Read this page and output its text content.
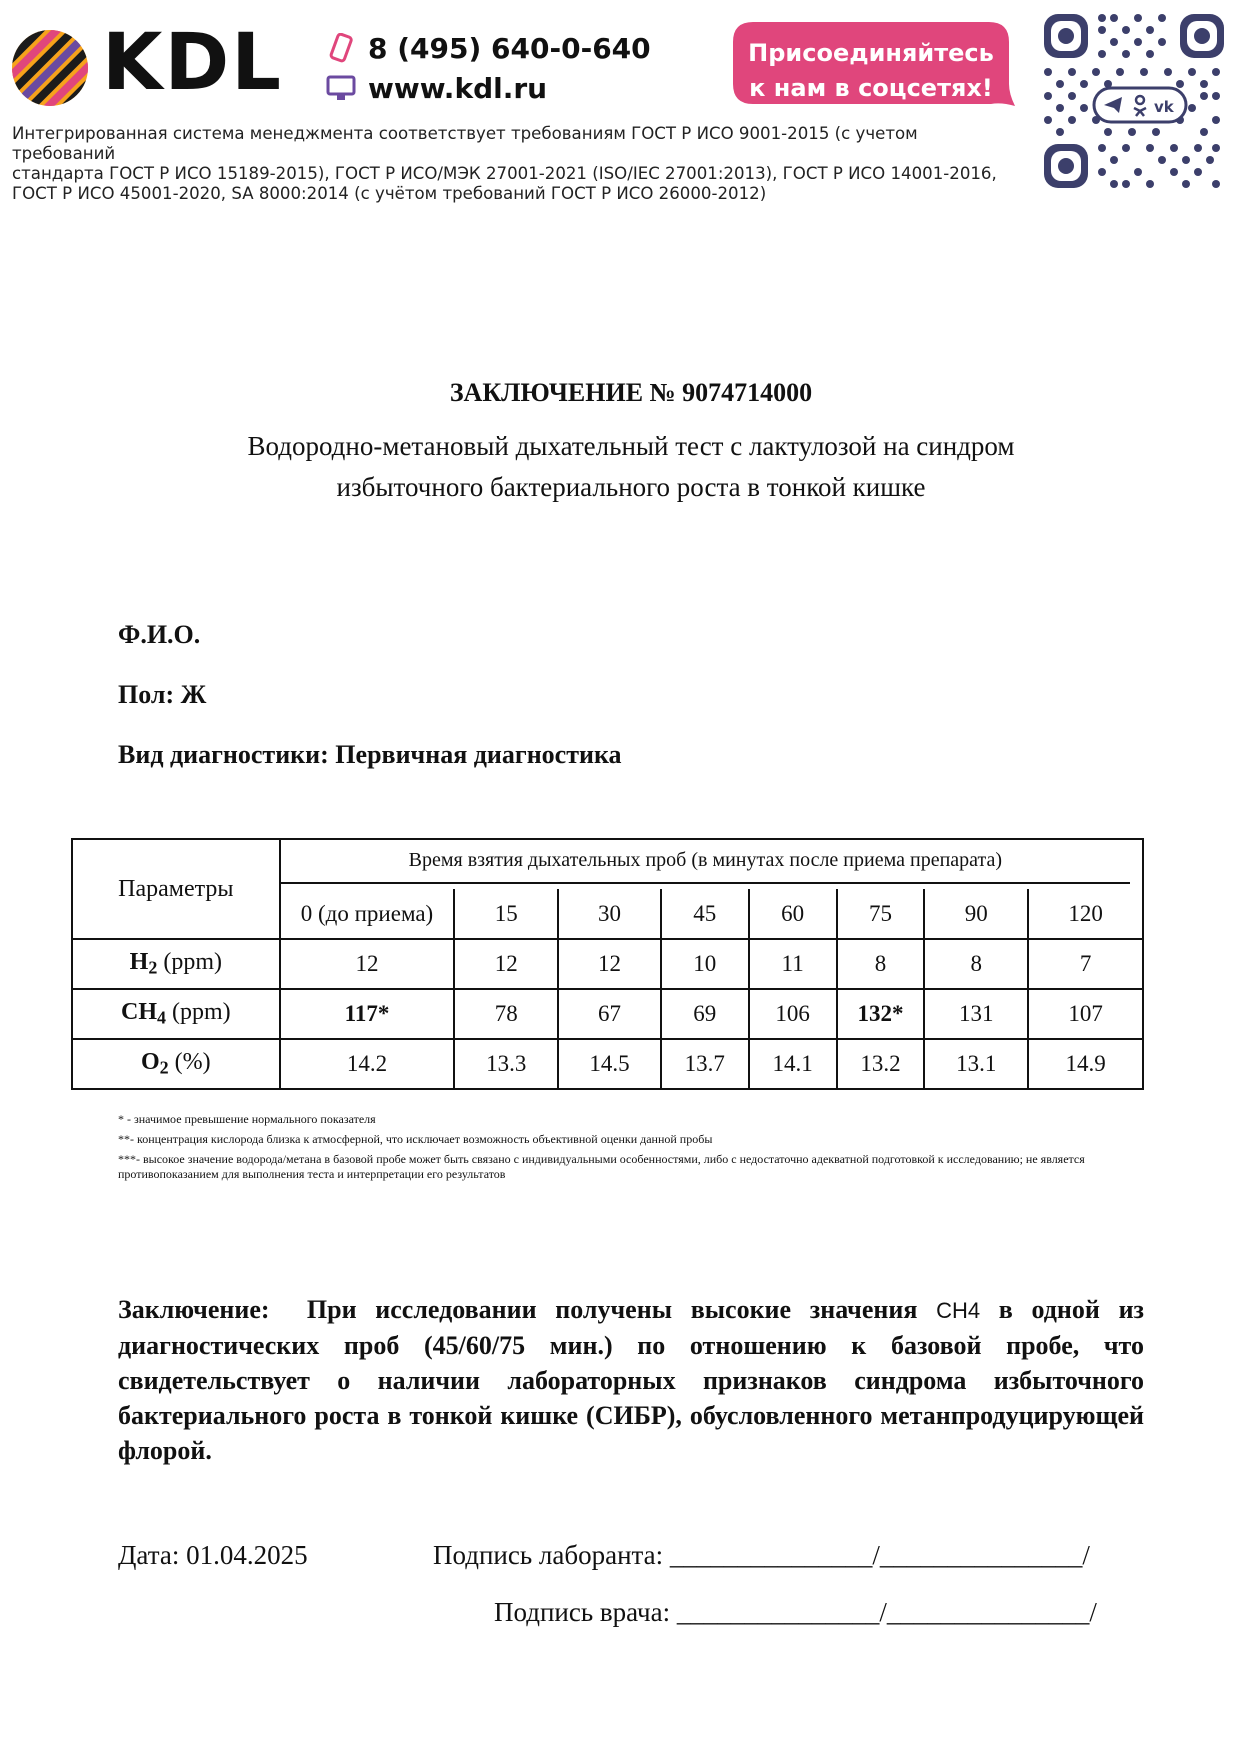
KDL	8 (495) 640-0-640
www.kdl.ru
Присоединяйтесь
к нам в соцсетях!
vk
Интегрированная система менеджмента соответствует требованиям ГОСТ Р ИСО 9001-2015 (с учетом требований
стандарта ГОСТ Р ИСО 15189-2015), ГОСТ Р ИСО/МЭК 27001-2021 (ISO/IEC 27001:2013), ГОСТ Р ИСО 14001-2016,
ГОСТ Р ИСО 45001-2020, SA 8000:2014 (с учётом требований ГОСТ Р ИСО 26000-2012)
ЗАКЛЮЧЕНИЕ № 9074714000
Водородно-метановый дыхательный тест с лактулозой на синдром
избыточного бактериального роста в тонкой кишке
Ф.И.О.
Пол: Ж
Вид диагностики: Первичная диагностика
Параметры	Время взятия дыхательных проб (в минутах после приема препарата)							

	0 (до приема)	15	30	45	60	75	90	120
$H_2$ (ppm)	12	12	12	10	11	8	8	7
$CH_4$ (ppm)	117*	78	67	69	106	132*	131	107
$O_2$ (%)	14.2	13.3	14.5	13.7	14.1	13.2	13.1	14.9

* - значимое превышение нормального показателя

**- концентрация кислорода близка к атмосферной, что исключает возможность объективной оценки данной пробы

***- высокое значение водорода/метана в базовой пробе может быть связано с индивидуальными особенностями, либо с недостаточно адекватной подготовкой к исследованию; не является противопоказанием для выполнения теста и интерпретации его результатов

Заключение: При исследовании получены высокие значения CH4 в одной из диагностических проб (45/60/75 мин.) по отношению к базовой пробе, что свидетельствует о наличии лабораторных признаков синдрома избыточного бактериального роста в тонкой кишке (СИБР), обусловленного метанпродуцирующей флорой.
Дата: 01.04.2025	Подпись лаборанта: _______________/_______________/
Подпись врача: _______________/_______________/
